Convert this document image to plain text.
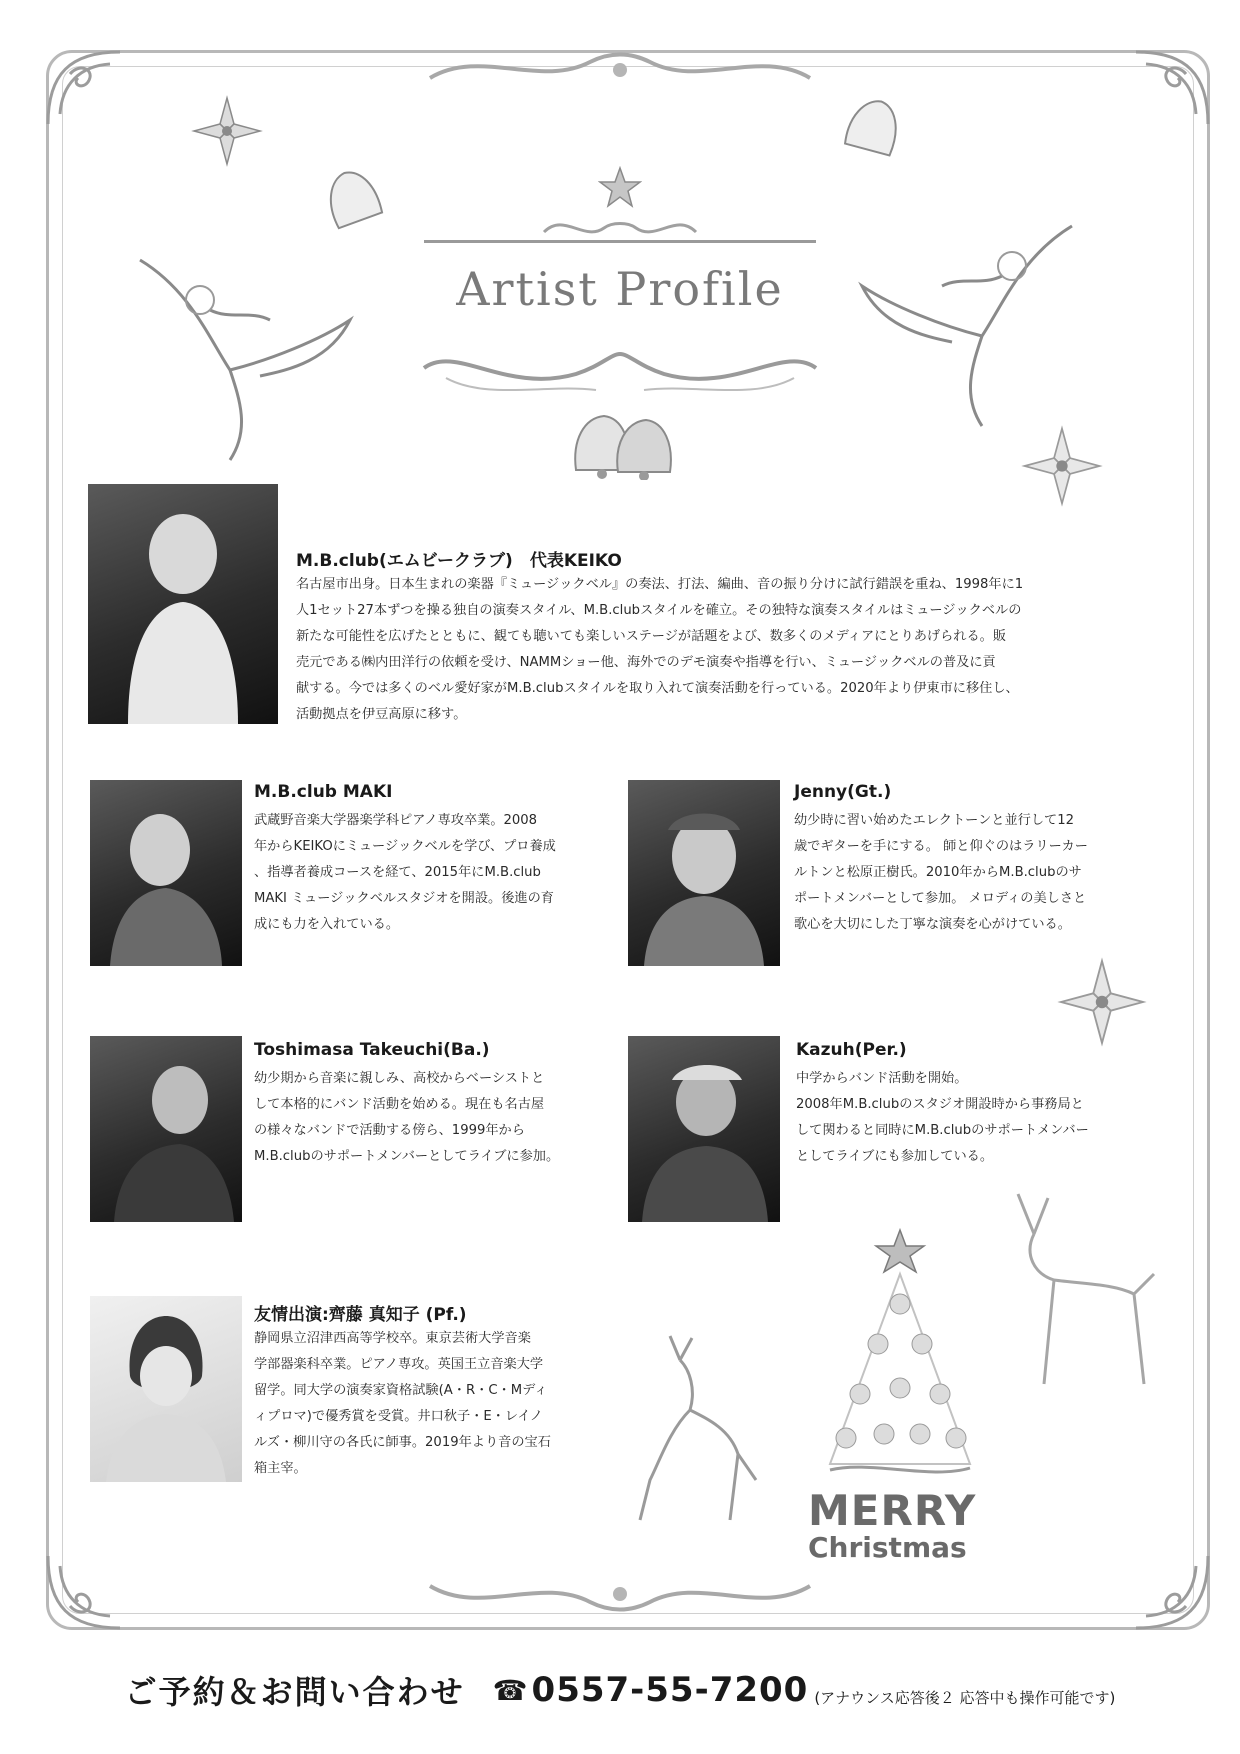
Artist Profile
M.B.club(エムビークラブ)　代表KEIKO
名古屋市出身。日本生まれの楽器『ミュージックベル』の奏法、打法、編曲、音の振り分けに試行錯誤を重ね、1998年に1
人1セット27本ずつを操る独自の演奏スタイル、M.B.clubスタイルを確立。その独特な演奏スタイルはミュージックベルの
新たな可能性を広げたとともに、観ても聴いても楽しいステージが話題をよび、数多くのメディアにとりあげられる。販
売元である㈱内田洋行の依頼を受け、NAMMショー他、海外でのデモ演奏や指導を行い、ミュージックベルの普及に貢
献する。今では多くのベル愛好家がM.B.clubスタイルを取り入れて演奏活動を行っている。2020年より伊東市に移住し、
活動拠点を伊豆高原に移す。
M.B.club MAKI
武蔵野音楽大学器楽学科ピアノ専攻卒業。2008
年からKEIKOにミュージックベルを学び、プロ養成
、指導者養成コースを経て、2015年にM.B.club
MAKI ミュージックベルスタジオを開設。後進の育
成にも力を入れている。
Jenny(Gt.)
幼少時に習い始めたエレクトーンと並行して12
歳でギターを手にする。 師と仰ぐのはラリーカー
ルトンと松原正樹氏。2010年からM.B.clubのサ
ポートメンバーとして参加。 メロディの美しさと
歌心を大切にした丁寧な演奏を心がけている。
Toshimasa Takeuchi(Ba.)
幼少期から音楽に親しみ、高校からベーシストと
して本格的にバンド活動を始める。現在も名古屋
の様々なバンドで活動する傍ら、1999年から
M.B.clubのサポートメンバーとしてライブに参加。
Kazuh(Per.)
中学からバンド活動を開始。
2008年M.B.clubのスタジオ開設時から事務局と
して関わると同時にM.B.clubのサポートメンバー
としてライブにも参加している。
友情出演:齊藤 真知子 (Pf.)
静岡県立沼津西高等学校卒。東京芸術大学音楽
学部器楽科卒業。ピアノ専攻。英国王立音楽大学
留学。同大学の演奏家資格試験(A・R・C・Mディ
ィプロマ)で優秀賞を受賞。井口秋子・E・レイノ
ルズ・柳川守の各氏に師事。2019年より音の宝石
箱主宰。
MERRY
Christmas
ご予約＆お問い合わせ ☎ 0557-55-7200 (アナウンス応答後２ 応答中も操作可能です)
